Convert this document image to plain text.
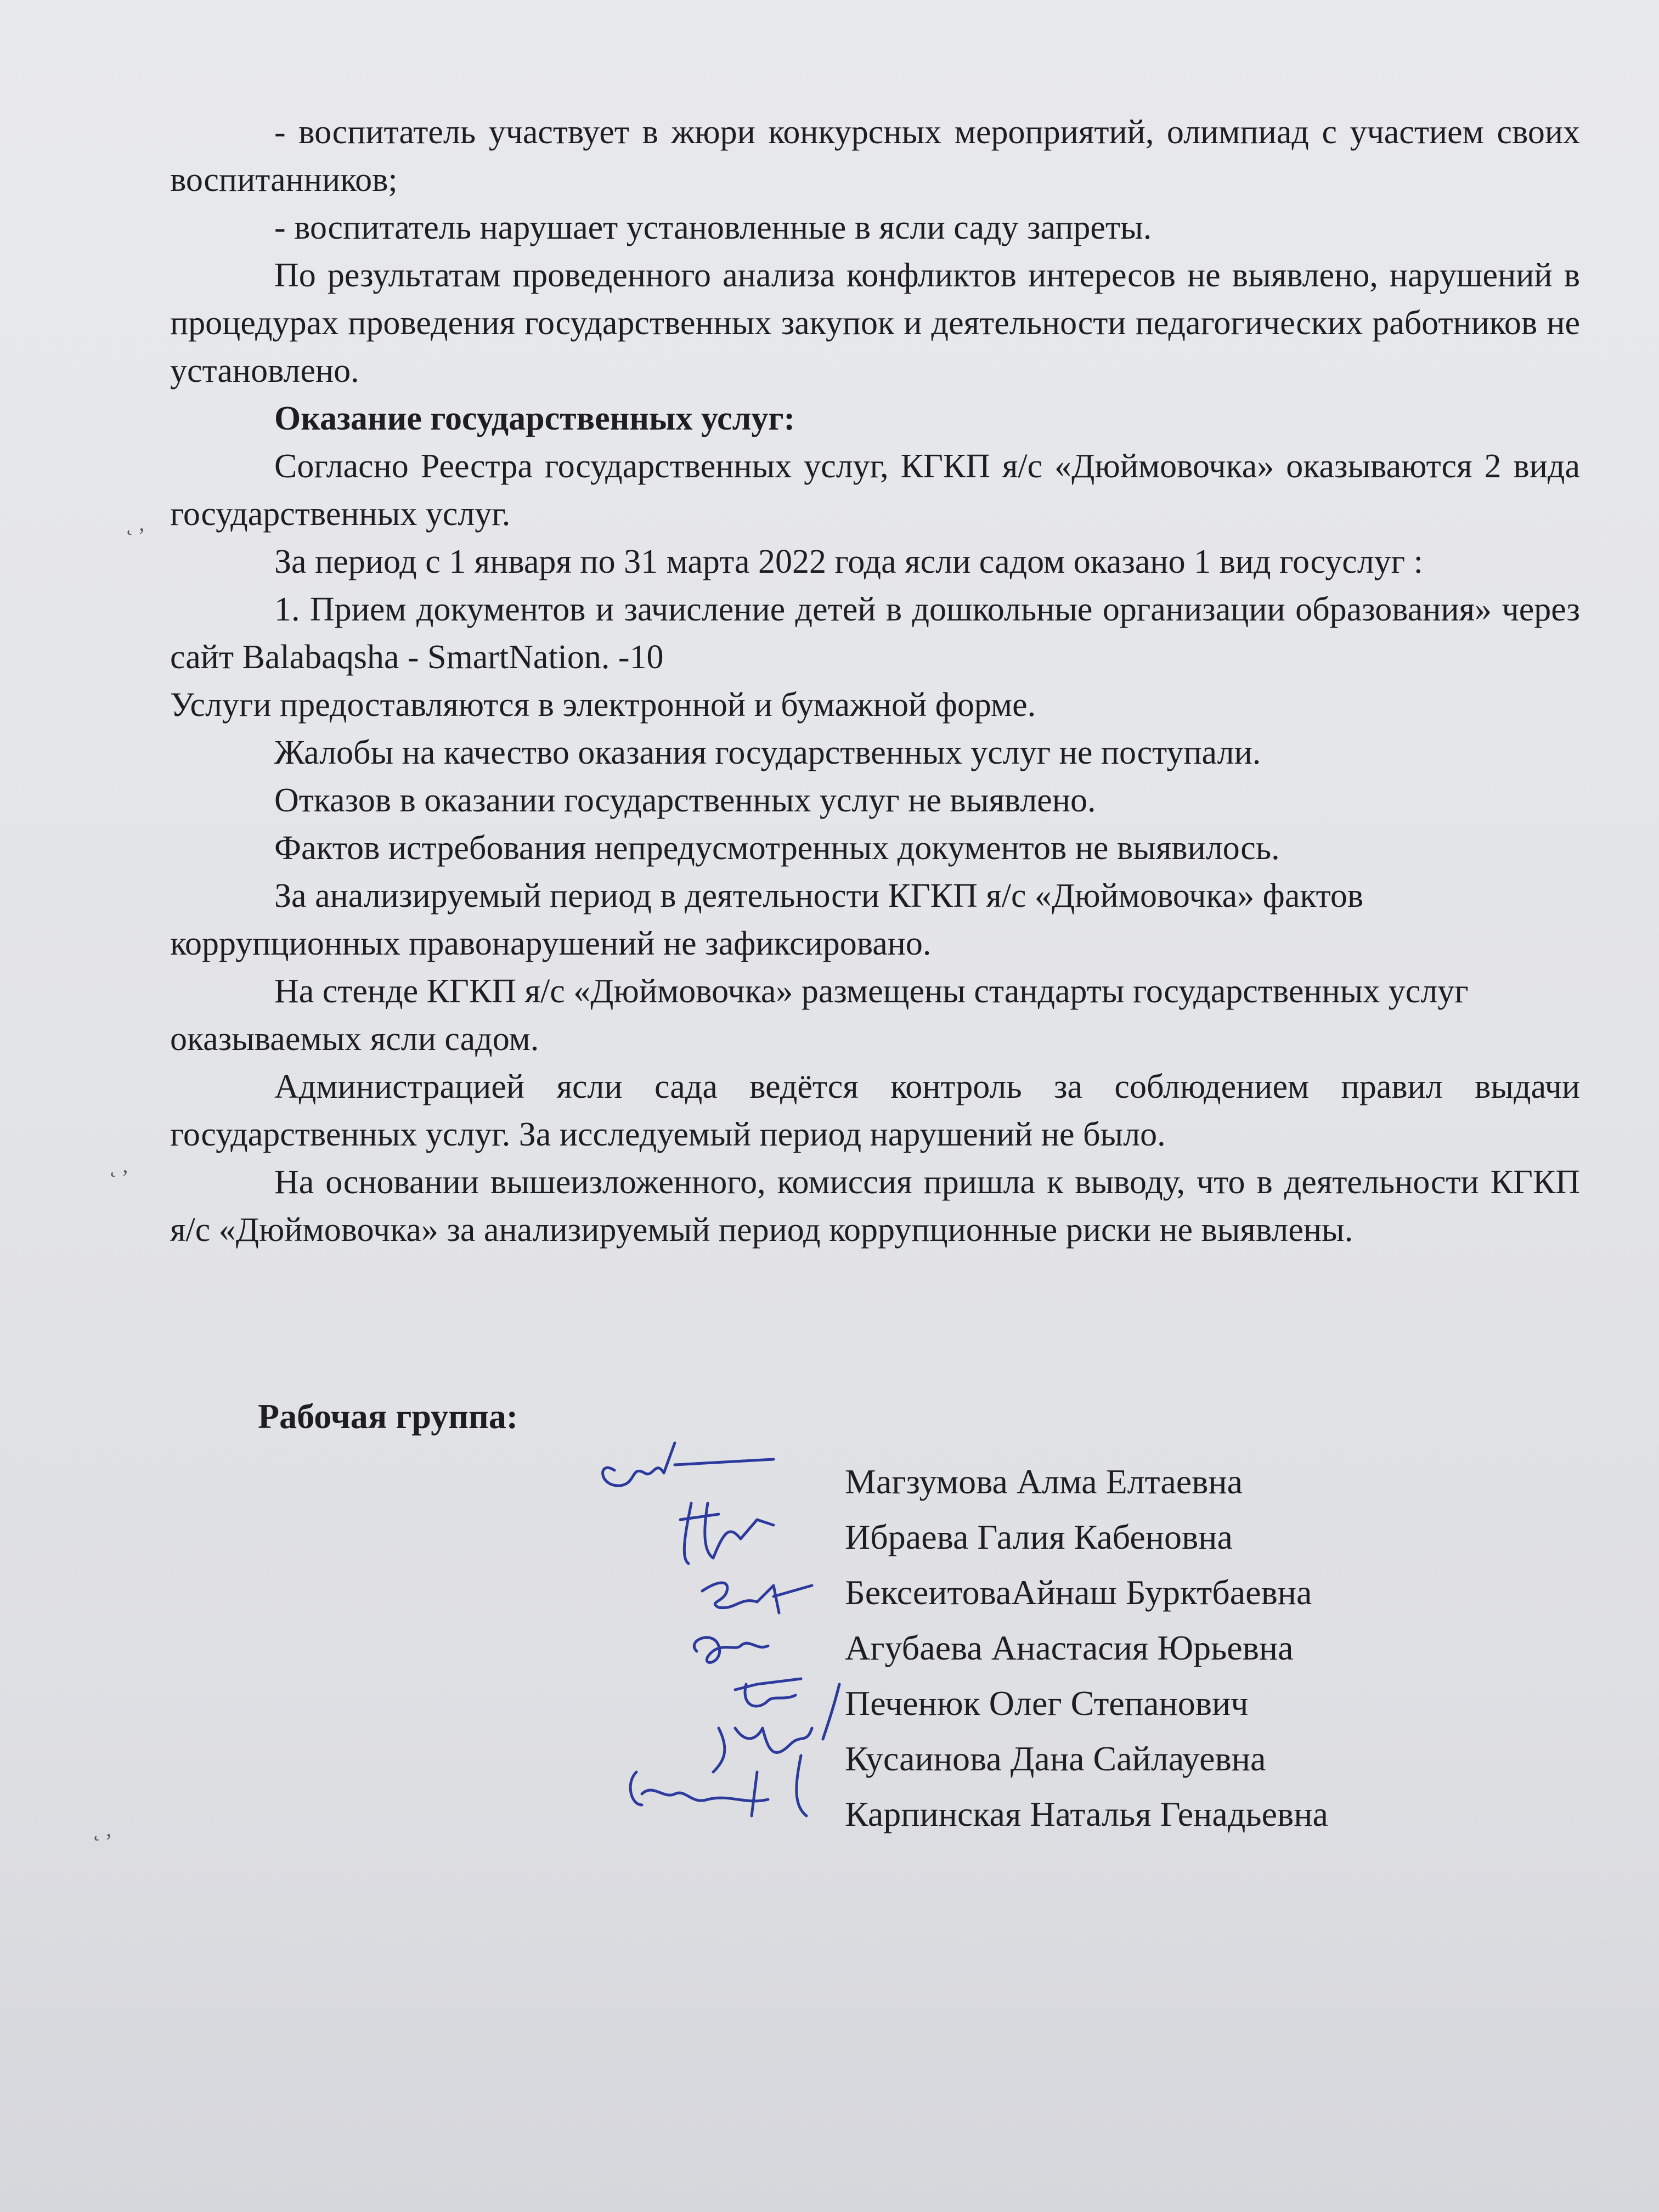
- воспитатель участвует в жюри конкурсных мероприятий, олимпиад с участием своих воспитанников;

- воспитатель нарушает установленные в ясли саду запреты.

По результатам проведенного анализа конфликтов интересов не выявлено, нарушений в процедурах проведения государственных закупок и деятельности педагогических работников не установлено.

Оказание государственных услуг:

Согласно Реестра государственных услуг, КГКП я/с «Дюймовочка» оказываются 2 вида государственных услуг.

За период с 1 января по 31 марта 2022 года ясли садом оказано 1 вид госуслуг :

1. Прием документов и зачисление детей в дошкольные организации образования» через сайт Balabaqsha - SmartNation. -10

Услуги предоставляются в электронной и бумажной форме.

Жалобы на качество оказания государственных услуг не поступали.

Отказов в оказании государственных услуг не выявлено.

Фактов истребования непредусмотренных документов не выявилось.

За анализируемый период в деятельности КГКП я/с «Дюймовочка» фактов коррупционных правонарушений не зафиксировано.

На стенде КГКП я/с «Дюймовочка» размещены стандарты государственных услуг оказываемых ясли садом.

Администрацией ясли сада ведётся контроль за соблюдением правил выдачи государственных услуг. За исследуемый период нарушений не было.

На основании вышеизложенного, комиссия пришла к выводу, что в деятельности КГКП я/с «Дюймовочка» за анализируемый период коррупционные риски не выявлены.

Рабочая группа:
Магзумова Алма Елтаевна
Ибраева Галия Кабеновна
БексеитоваАйнаш Бурктбаевна
Агубаева Анастасия Юрьевна
Печенюк Олег Степанович
Кусаинова Дана Сайлауевна
Карпинская Наталья Генадьевна
˛ ,
˛ ,
˛ ,
